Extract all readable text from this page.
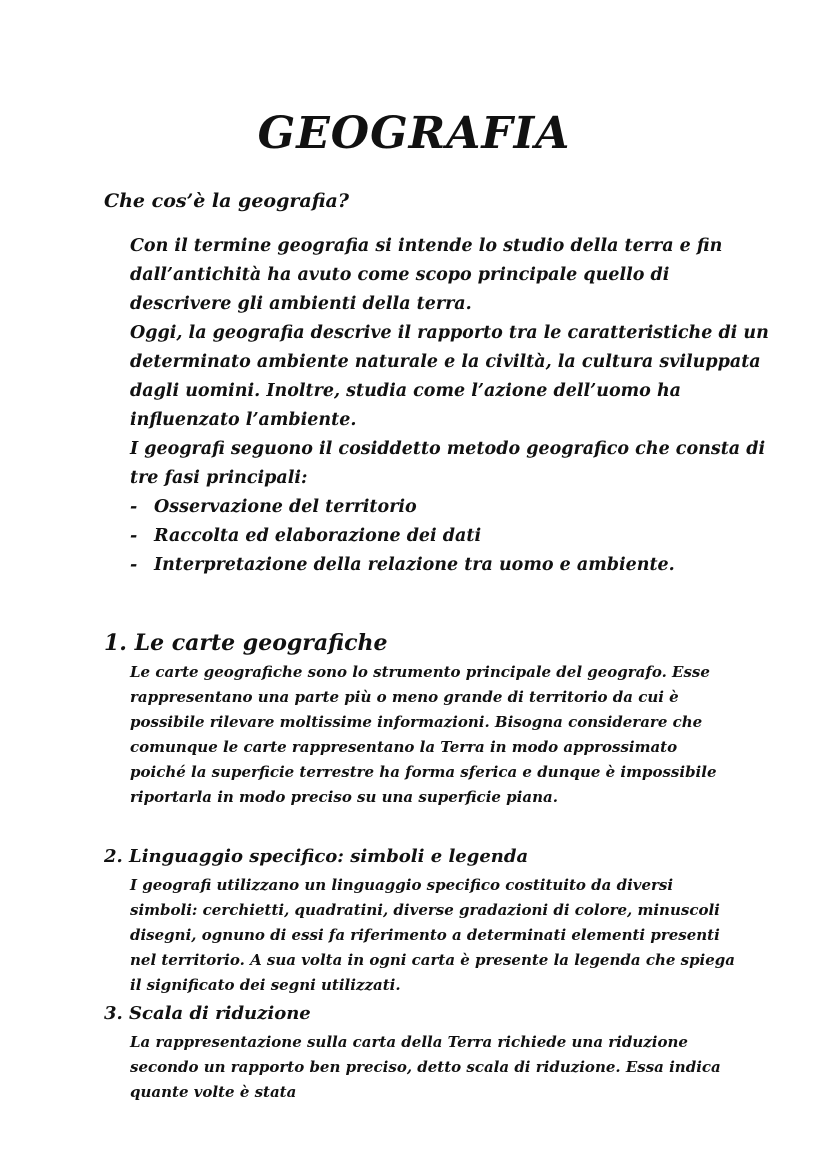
GEOGRAFIA
Che cos’è la geografia?

Con il termine geografia si intende lo studio della terra e fin dall’antichità ha avuto come scopo principale quello di descrivere gli ambienti della terra.

Oggi, la geografia descrive il rapporto tra le caratteristiche di un determinato ambiente naturale e la civiltà, la cultura sviluppata dagli uomini. Inoltre, studia come l’azione dell’uomo ha influenzato l’ambiente.

I geografi seguono il cosiddetto metodo geografico che consta di tre fasi principali:

- Osservazione del territorio
- Raccolta ed elaborazione dei dati
- Interpretazione della relazione tra uomo e ambiente.
1. Le carte geografiche

Le carte geografiche sono lo strumento principale del geografo. Esse rappresentano una parte più o meno grande di territorio da cui è possibile rilevare moltissime informazioni. Bisogna considerare che comunque le carte rappresentano la Terra in modo approssimato poiché la superficie terrestre ha forma sferica e dunque è impossibile riportarla in modo preciso su una superficie piana.

2. Linguaggio specifico: simboli e legenda

I geografi utilizzano un linguaggio specifico costituito da diversi simboli: cerchietti, quadratini, diverse gradazioni di colore, minuscoli disegni, ognuno di essi fa riferimento a determinati elementi presenti nel territorio. A sua volta in ogni carta è presente la legenda che spiega il significato dei segni utilizzati.

3. Scala di riduzione

La rappresentazione sulla carta della Terra richiede una riduzione secondo un rapporto ben preciso, detto scala di riduzione. Essa indica quante volte è stata
